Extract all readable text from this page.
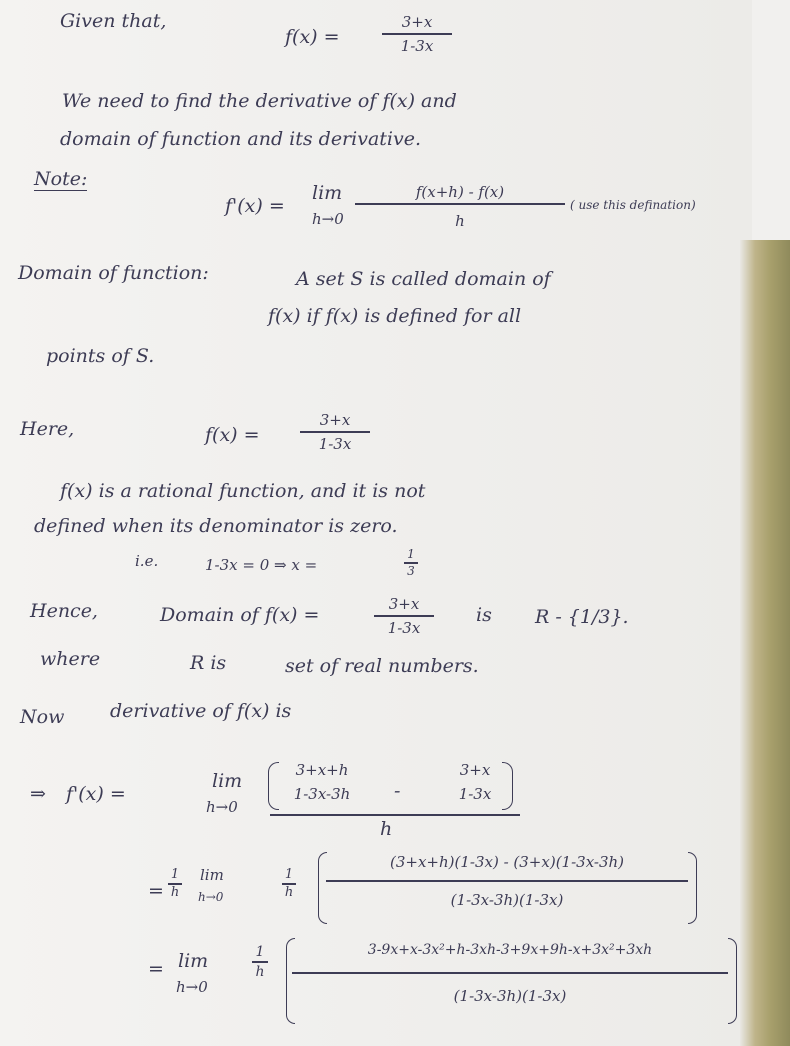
Given that,
f(x) =
3+x
1-3x
We need to find the derivative of f(x) and
domain of function and its derivative.
Note:
f'(x) =
lim
h→0
f(x+h) - f(x)
h
( use this defination)
Domain of function:	A set S is called domain of
f(x) if f(x) is defined for all
points of S.
Here,	f(x) =
3+x
1-3x
f(x) is a rational function, and it is not
defined when its denominator is zero.
i.e.	1-3x = 0 ⇒ x =
1
3
Hence,	Domain of f(x) =	3+x
1-3x
is R - {1/3}.
where	R is	set of real numbers.
Now derivative of f(x) is
⇒ f'(x) =
lim
h→0
3+x+h
1-3x-3h	-
3+x
1-3x
h
=
1
h
lim
h→0
1
h
(3+x+h)(1-3x) - (3+x)(1-3x-3h)
(1-3x-3h)(1-3x)
= lim
h→0
1
h
3-9x+x-3x²+h-3xh-3+9x+9h-x+3x²+3xh
(1-3x-3h)(1-3x)
